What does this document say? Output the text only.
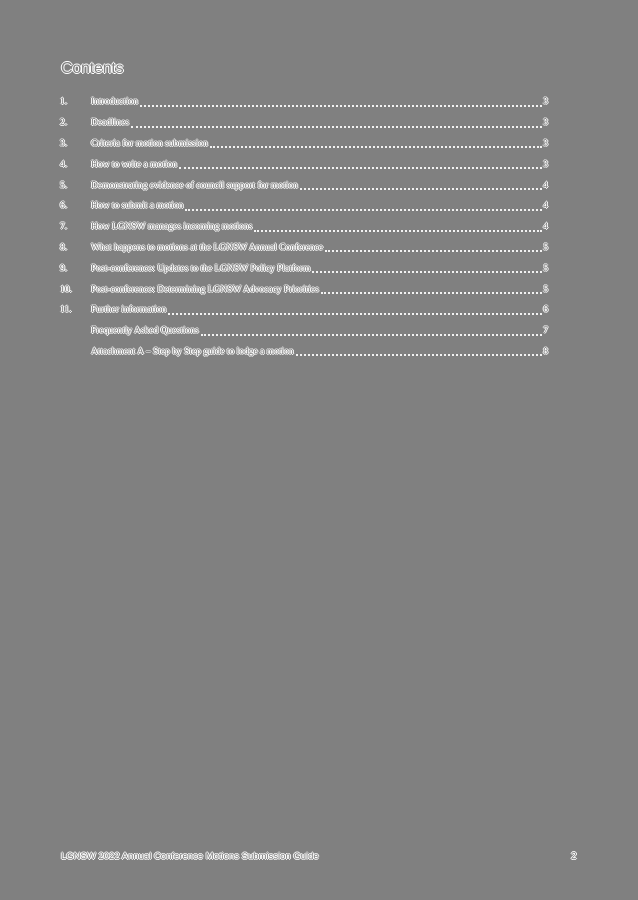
Contents
1.	Introduction	3
2.	Deadlines	3
3.	Criteria for motion submission	3
4.	How to write a motion	3
5.	Demonstrating evidence of council support for motion	4
6.	How to submit a motion	4
7.	How LGNSW manages incoming motions	4
8.	What happens to motions at the LGNSW Annual Conference	5
9.	Post-conference: Updates to the LGNSW Policy Platform	5
10.	Post-conference: Determining LGNSW Advocacy Priorities	5
11.	Further information	6
Frequently Asked Questions	7
Attachment A – Step by Step guide to lodge a motion	8
LGNSW 2022 Annual Conference Motions Submission Guide	2
